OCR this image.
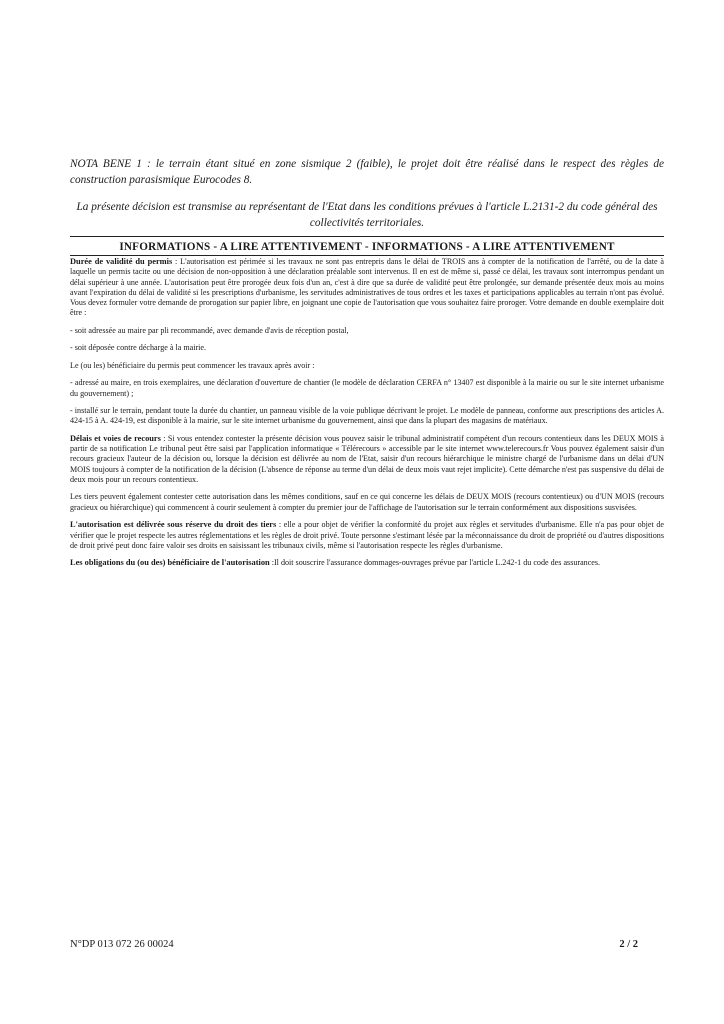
NOTA BENE 1 : le terrain étant situé en zone sismique 2 (faible), le projet doit être réalisé dans le respect des règles de construction parasismique Eurocodes 8.
La présente décision est transmise au représentant de l'Etat dans les conditions prévues à l'article L.2131-2 du code général des collectivités territoriales.
INFORMATIONS - A LIRE ATTENTIVEMENT - INFORMATIONS - A LIRE ATTENTIVEMENT

Durée de validité du permis : L'autorisation est périmée si les travaux ne sont pas entrepris dans le délai de TROIS ans à compter de la notification de l'arrêté, ou de la date à laquelle un permis tacite ou une décision de non-opposition à une déclaration préalable sont intervenus. Il en est de même si, passé ce délai, les travaux sont interrompus pendant un délai supérieur à une année. L'autorisation peut être prorogée deux fois d'un an, c'est à dire que sa durée de validité peut être prolongée, sur demande présentée deux mois au moins avant l'expiration du délai de validité si les prescriptions d'urbanisme, les servitudes administratives de tous ordres et les taxes et participations applicables au terrain n'ont pas évolué. Vous devez formuler votre demande de prorogation sur papier libre, en joignant une copie de l'autorisation que vous souhaitez faire proroger. Votre demande en double exemplaire doit être :

- soit adressée au maire par pli recommandé, avec demande d'avis de réception postal,

- soit déposée contre décharge à la mairie.

Le (ou les) bénéficiaire du permis peut commencer les travaux après avoir :

- adressé au maire, en trois exemplaires, une déclaration d'ouverture de chantier (le modèle de déclaration CERFA n° 13407 est disponible à la mairie ou sur le site internet urbanisme du gouvernement) ;

- installé sur le terrain, pendant toute la durée du chantier, un panneau visible de la voie publique décrivant le projet. Le modèle de panneau, conforme aux prescriptions des articles A. 424-15 à A. 424-19, est disponible à la mairie, sur le site internet urbanisme du gouvernement, ainsi que dans la plupart des magasins de matériaux.

Délais et voies de recours : Si vous entendez contester la présente décision vous pouvez saisir le tribunal administratif compétent d'un recours contentieux dans les DEUX MOIS à partir de sa notification Le tribunal peut être saisi par l'application informatique « Télérecours » accessible par le site internet www.telerecours.fr Vous pouvez également saisir d'un recours gracieux l'auteur de la décision ou, lorsque la décision est délivrée au nom de l'Etat, saisir d'un recours hiérarchique le ministre chargé de l'urbanisme dans un délai d'UN MOIS toujours à compter de la notification de la décision (L'absence de réponse au terme d'un délai de deux mois vaut rejet implicite). Cette démarche n'est pas suspensive du délai de deux mois pour un recours contentieux.

Les tiers peuvent également contester cette autorisation dans les mêmes conditions, sauf en ce qui concerne les délais de DEUX MOIS (recours contentieux) ou d'UN MOIS (recours gracieux ou hiérarchique) qui commencent à courir seulement à compter du premier jour de l'affichage de l'autorisation sur le terrain conformément aux dispositions susvisées.

L'autorisation est délivrée sous réserve du droit des tiers : elle a pour objet de vérifier la conformité du projet aux règles et servitudes d'urbanisme. Elle n'a pas pour objet de vérifier que le projet respecte les autres réglementations et les règles de droit privé. Toute personne s'estimant lésée par la méconnaissance du droit de propriété ou d'autres dispositions de droit privé peut donc faire valoir ses droits en saisissant les tribunaux civils, même si l'autorisation respecte les règles d'urbanisme.

Les obligations du (ou des) bénéficiaire de l'autorisation :Il doit souscrire l'assurance dommages-ouvrages prévue par l'article L.242-1 du code des assurances.

N°DP 013 072 26 00024	2 / 2
